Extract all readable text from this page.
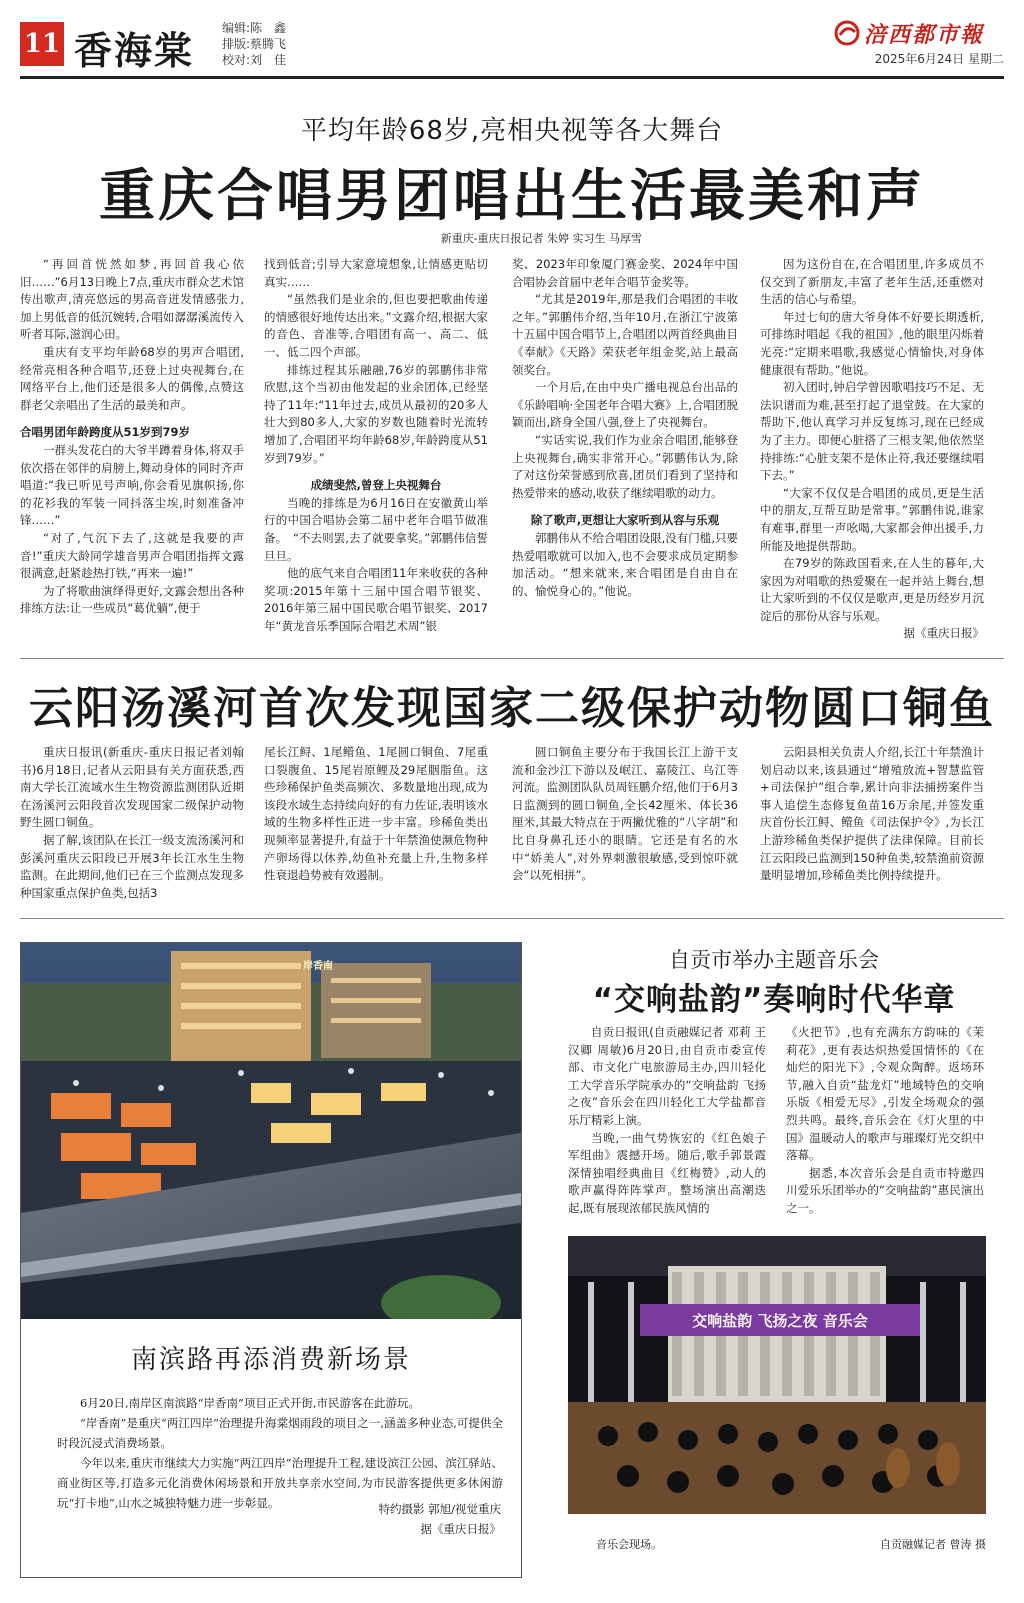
11 香海棠 编辑:陈　鑫
排版:蔡腾飞
校对:刘　佳
涪西都市報
2025年6月24日 星期二
平均年龄68岁,亮相央视等各大舞台
重庆合唱男团唱出生活最美和声
新重庆-重庆日报记者 朱婷 实习生 马厚雪

“再回首恍然如梦,再回首我心依旧……”6月13日晚上7点,重庆市群众艺术馆传出歌声,清亮悠远的男高音迸发情感张力,加上男低音的低沉婉转,合唱如潺潺溪流传入听者耳际,滋润心田。

重庆有支平均年龄68岁的男声合唱团,经常亮相各种合唱节,还登上过央视舞台,在网络平台上,他们还是很多人的偶像,点赞这群老父亲唱出了生活的最美和声。

合唱男团年龄跨度从51岁到79岁

一群头发花白的大爷半蹲着身体,将双手依次搭在邻伴的肩膀上,舞动身体的同时齐声唱道:“我已听见号声响,你会看见旗帜扬,你的花衫我的军装一同抖落尘埃,时刻准备冲锋……”

“对了,气沉下去了,这就是我要的声音!”重庆大龄同学雄音男声合唱团指挥文露很满意,赶紧趁热打铁,“再来一遍!”

为了将歌曲演绎得更好,文露会想出各种排练方法:让一些成员“葛优躺”,便于

找到低音;引导大家意境想象,让情感更贴切真实……

“虽然我们是业余的,但也要把歌曲传递的情感很好地传达出来。”文露介绍,根据大家的音色、音准等,合唱团有高一、高二、低一、低二四个声部。

排练过程其乐融融,76岁的郭鹏伟非常欣慰,这个当初由他发起的业余团体,已经坚持了11年:“11年过去,成员从最初的20多人壮大到80多人,大家的岁数也随着时光流转增加了,合唱团平均年龄68岁,年龄跨度从51岁到79岁。”

成绩斐然,曾登上央视舞台

当晚的排练是为6月16日在安徽黄山举行的中国合唱协会第二届中老年合唱节做准备。　“不去则罢,去了就要拿奖。”郭鹏伟信誓旦旦。

他的底气来自合唱团11年来收获的各种奖项:2015年第十三届中国合唱节银奖、2016年第三届中国民歌合唱节银奖、2017年“黄龙音乐季国际合唱艺术周”银

奖、2023年印象厦门赛金奖、2024年中国合唱协会首届中老年合唱节金奖等。

“尤其是2019年,那是我们合唱团的丰收之年。”郭鹏伟介绍,当年10月,在浙江宁波第十五届中国合唱节上,合唱团以两首经典曲目《奉献》《天路》荣获老年组金奖,站上最高领奖台。

一个月后,在由中央广播电视总台出品的《乐龄唱响·全国老年合唱大赛》上,合唱团脱颖而出,跻身全国八强,登上了央视舞台。

“实话实说,我们作为业余合唱团,能够登上央视舞台,确实非常开心。”郭鹏伟认为,除了对这份荣誉感到欣喜,团员们看到了坚持和热爱带来的感动,收获了继续唱歌的动力。

除了歌声,更想让大家听到从容与乐观

郭鹏伟从不给合唱团设限,没有门槛,只要热爱唱歌就可以加入,也不会要求成员定期参加活动。“想来就来,来合唱团是自由自在的、愉悦身心的。”他说。

因为这份自在,在合唱团里,许多成员不仅交到了新朋友,丰富了老年生活,还重燃对生活的信心与希望。

年过七旬的唐大爷身体不好要长期透析,可排练时唱起《我的祖国》,他的眼里闪烁着光亮:“定期来唱歌,我感觉心情愉快,对身体健康很有帮助。”他说。

初入团时,钟启学曾因歌唱技巧不足、无法识谱而为难,甚至打起了退堂鼓。在大家的帮助下,他认真学习并反复练习,现在已经成为了主力。即便心脏搭了三根支架,他依然坚持排练:“心脏支架不是休止符,我还要继续唱下去。”

“大家不仅仅是合唱团的成员,更是生活中的朋友,互帮互助是常事。”郭鹏伟说,谁家有难事,群里一声吆喝,大家都会伸出援手,力所能及地提供帮助。

在79岁的陈政国看来,在人生的暮年,大家因为对唱歌的热爱聚在一起并站上舞台,想让大家听到的不仅仅是歌声,更是历经岁月沉淀后的那份从容与乐观。

据《重庆日报》

云阳汤溪河首次发现国家二级保护动物圆口铜鱼

重庆日报讯(新重庆-重庆日报记者刘翰书)6月18日,记者从云阳县有关方面获悉,西南大学长江流域水生生物资源监测团队近期在汤溪河云阳段首次发现国家二级保护动物野生圆口铜鱼。

据了解,该团队在长江一级支流汤溪河和彭溪河重庆云阳段已开展3年长江水生生物监测。在此期间,他们已在三个监测点发现多种国家重点保护鱼类,包括3

尾长江鲟、1尾鳤鱼、1尾圆口铜鱼、7尾重口裂腹鱼、15尾岩原鲤及29尾胭脂鱼。这些珍稀保护鱼类高频次、多数量地出现,成为该段水域生态持续向好的有力佐证,表明该水域的生物多样性正进一步丰富。珍稀鱼类出现频率显著提升,有益于十年禁渔使濒危物种产卵场得以休养,幼鱼补充量上升,生物多样性衰退趋势被有效遏制。

圆口铜鱼主要分布于我国长江上游干支流和金沙江下游以及岷江、嘉陵江、乌江等河流。监测团队队员周钰鹏介绍,他们于6月3日监测到的圆口铜鱼,全长42厘米、体长36厘米,其最大特点在于两撇优雅的“八字胡”和比自身鼻孔还小的眼睛。它还是有名的水中“娇美人”,对外界刺激很敏感,受到惊吓就会“以死相拼”。

云阳县相关负责人介绍,长江十年禁渔计划启动以来,该县通过“增殖放流+智慧监管+司法保护”组合拳,累计向非法捕捞案件当事人追偿生态修复鱼苗16万余尾,并签发重庆首份长江鲟、鳤鱼《司法保护令》,为长江上游珍稀鱼类保护提供了法律保障。目前长江云阳段已监测到150种鱼类,较禁渔前资源量明显增加,珍稀鱼类比例持续提升。

岸香南
南滨路再添消费新场景

6月20日,南岸区南滨路“岸香南”项目正式开街,市民游客在此游玩。

“岸香南”是重庆“两江四岸”治理提升海棠烟雨段的项目之一,涵盖多种业态,可提供全时段沉浸式消费场景。

今年以来,重庆市继续大力实施“两江四岸”治理提升工程,建设滨江公园、滨江驿站、商业街区等,打造多元化消费休闲场景和开放共享亲水空间,为市民游客提供更多休闲游玩“打卡地”,山水之城独特魅力进一步彰显。	特约摄影 郭旭/视觉重庆
据《重庆日报》
自贡市举办主题音乐会
“交响盐韵”奏响时代华章

自贡日报讯(自贡融媒记者 邓莉 王汉卿 周敏)6月20日,由自贡市委宣传部、市文化广电旅游局主办,四川轻化工大学音乐学院承办的“交响盐韵 飞扬之夜”音乐会在四川轻化工大学盐都音乐厅精彩上演。

当晚,一曲气势恢宏的《红色娘子军组曲》震撼开场。随后,歌手郭景霞深情独唱经典曲目《红梅赞》,动人的歌声赢得阵阵掌声。整场演出高潮迭起,既有展现浓郁民族风情的

《火把节》,也有充满东方韵味的《茉莉花》,更有表达炽热爱国情怀的《在灿烂的阳光下》,令观众陶醉。返场环节,融入自贡“盐龙灯”地域特色的交响乐版《相爱无尽》,引发全场观众的强烈共鸣。最终,音乐会在《灯火里的中国》温暖动人的歌声与璀璨灯光交织中落幕。

据悉,本次音乐会是自贡市特邀四川爱乐乐团举办的“交响盐韵”惠民演出之一。

交响盐韵 飞扬之夜 音乐会
音乐会现场。	自贡融媒记者 曾涛 摄
